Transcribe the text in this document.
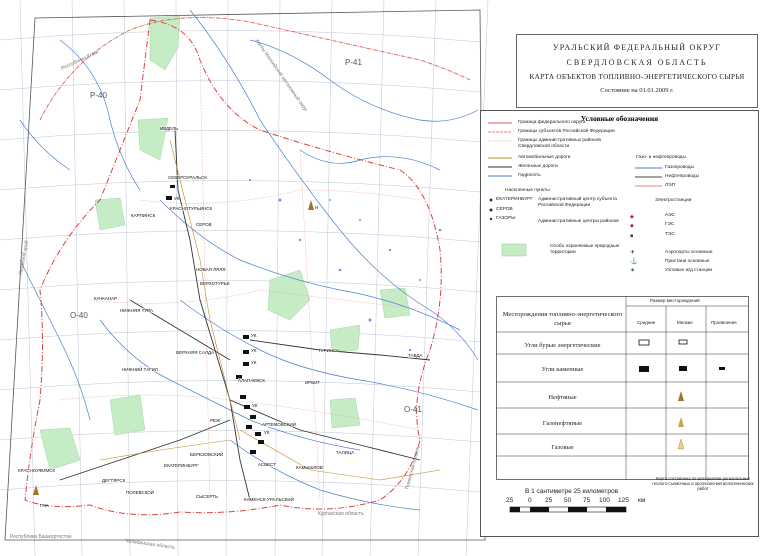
P-40
P-41
O-40
O-41
Республика Коми	Ханты-Мансийский автономный округ
Пермский край
Курганская область
Тюменская область
Челябинская область
Республика Башкортостан
ИВДЕЛЬ
СЕВЕРОУРАЛЬСК
КРАСНОТУРЬИНСК
КАРПИНСК
СЕРОВ
НОВАЯ ЛЯЛЯ
ВЕРХОТУРЬЕ
КАЧКАНАР
НИЖНЯЯ ТУРА
НИЖНИЙ ТАГИЛ
АЛАПАЕВСК	ИРБИТ
ТУРИНСК
ТАВДА
РЕЖ
ЕКАТЕРИНБУРГ	КАМЫШЛОВ
ТАЛИЦА
КРАСНОУФИМСК
КАМЕНСК-УРАЛЬСКИЙ
ПОЛЕВСКОЙ
ДЕГТЯРСК
АСБЕСТ
СЫСЕРТЬ
АРТЕМОВСКИЙ
БЕРЕЗОВСКИЙ
ВЕРХНЯЯ САЛДА
УК
УК
УК
УК
УК
УК
Н
ГНА
УРАЛЬСКИЙ ФЕДЕРАЛЬНЫЙ ОКРУГ
СВЕРДЛОВСКАЯ ОБЛАСТЬ
КАРТА ОБЪЕКТОВ ТОПЛИВНО-ЭНЕРГЕТИЧЕСКОГО СЫРЬЯ
Состояние на 01.01.2009 г.
Условные обозначения
◆
◆
▪
✈
⚓
✶
Граница федерального округа
Границы субъектов Российской Федерации
Границы административных районов
Свердловской области
Автомобильные дороги
Железные дороги
Гидросеть
Газо- и нефтепроводы
Газопроводы
Нефтепроводы
ЛЭП
Населенные пункты
ЕКАТЕРИНБУРГ Административный центр субъекта Российской Федерации
СЕРОВ
Административные центры районов
ГАЗОРЫ
Электростанции
АЭС
ГЭС
ТЭС
Особо охраняемые природные территории	Аэропорты основные
Пристани основные
Узловые ж/д станции
Месторождения топливно-энергетического сырья
Размер месторождений
Средние	Мелкие	Проявления
Угли бурые энергетические
Угли каменные
Нефтяные
Газонефтяные
Газовые
Карта составлена по материалам региональных геолого-съемочных и прогнозно-металлогенических работ
В 1 сантиметре 25 километров
25 0 25 50 75 100 125 км
